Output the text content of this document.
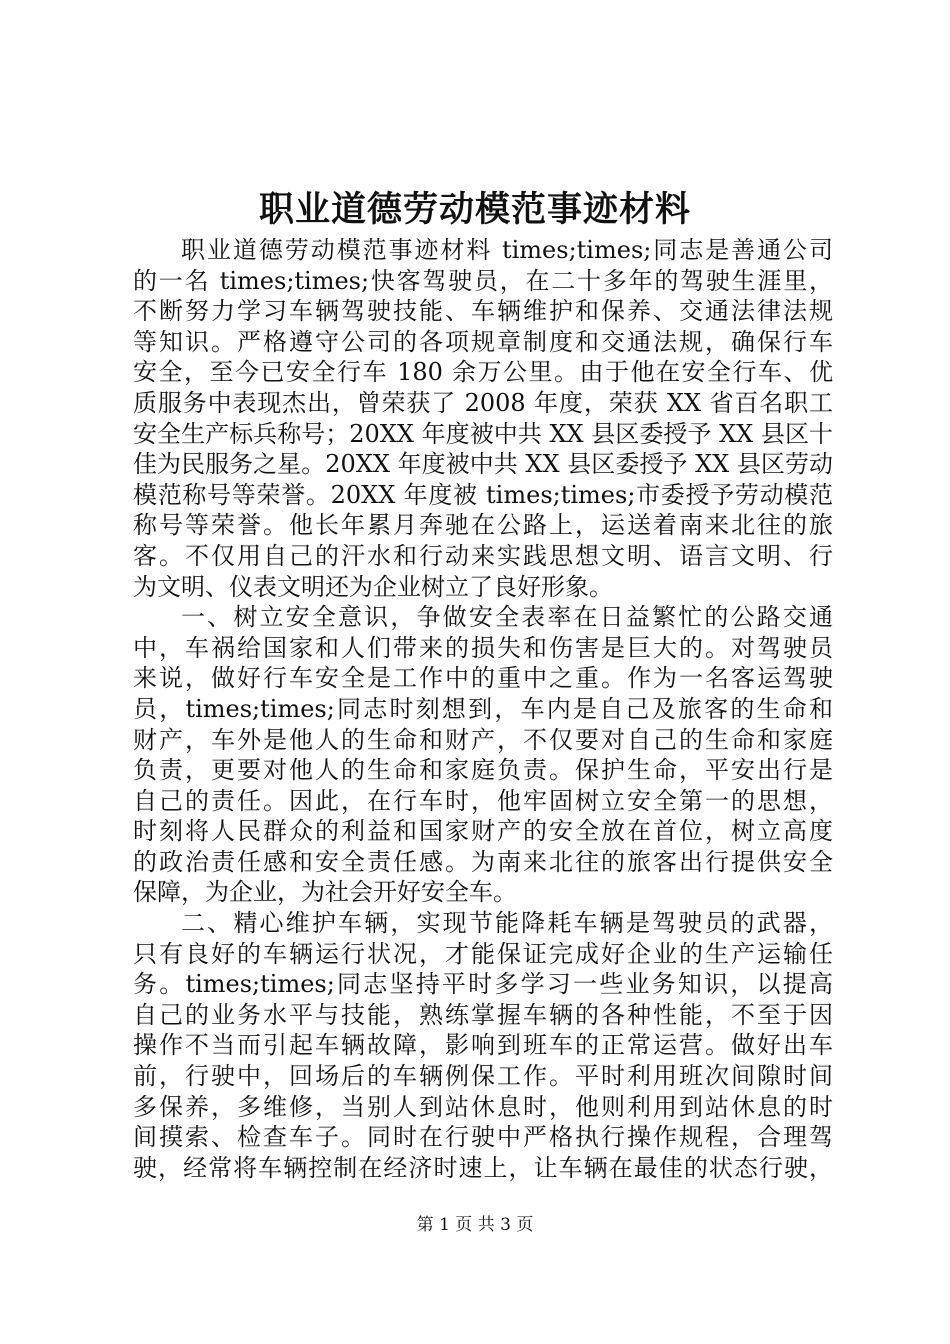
职业道德劳动模范事迹材料
职业道德劳动模范事迹材料 times;times;同志是善通公司
的一名 times;times;快客驾驶员，在二十多年的驾驶生涯里，
不断努力学习车辆驾驶技能、车辆维护和保养、交通法律法规
等知识。严格遵守公司的各项规章制度和交通法规，确保行车
安全，至今已安全行车 180 余万公里。由于他在安全行车、优
质服务中表现杰出，曾荣获了 2008 年度，荣获 XX 省百名职工
安全生产标兵称号；20XX 年度被中共 XX 县区委授予 XX 县区十
佳为民服务之星。20XX 年度被中共 XX 县区委授予 XX 县区劳动
模范称号等荣誉。20XX 年度被 times;times;市委授予劳动模范
称号等荣誉。他长年累月奔驰在公路上，运送着南来北往的旅
客。不仅用自己的汗水和行动来实践思想文明、语言文明、行
为文明、仪表文明还为企业树立了良好形象。
一、树立安全意识，争做安全表率在日益繁忙的公路交通
中，车祸给国家和人们带来的损失和伤害是巨大的。对驾驶员
来说，做好行车安全是工作中的重中之重。作为一名客运驾驶
员，times;times;同志时刻想到，车内是自己及旅客的生命和
财产，车外是他人的生命和财产，不仅要对自己的生命和家庭
负责，更要对他人的生命和家庭负责。保护生命，平安出行是
自己的责任。因此，在行车时，他牢固树立安全第一的思想，
时刻将人民群众的利益和国家财产的安全放在首位，树立高度
的政治责任感和安全责任感。为南来北往的旅客出行提供安全
保障，为企业，为社会开好安全车。
二、精心维护车辆，实现节能降耗车辆是驾驶员的武器，
只有良好的车辆运行状况，才能保证完成好企业的生产运输任
务。times;times;同志坚持平时多学习一些业务知识，以提高
自己的业务水平与技能，熟练掌握车辆的各种性能，不至于因
操作不当而引起车辆故障，影响到班车的正常运营。做好出车
前，行驶中，回场后的车辆例保工作。平时利用班次间隙时间
多保养，多维修，当别人到站休息时，他则利用到站休息的时
间摸索、检查车子。同时在行驶中严格执行操作规程，合理驾
驶，经常将车辆控制在经济时速上，让车辆在最佳的状态行驶，
第 1 页 共 3 页
